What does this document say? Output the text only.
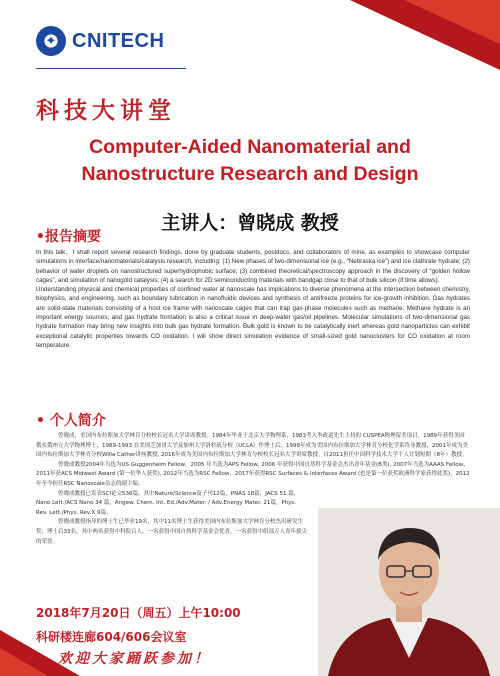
✦ CNITECH
科技大讲堂
Computer-Aided Nanomaterial and Nanostructure Research and Design
主讲人：曾晓成 教授
•报告摘要

In this talk，I shall report several research findings, done by graduate students, postdocs, and collaborators of mine, as examples to showcase computer simulations in interface/nanomaterials/catalysis research, including: (1) New phases of two-dimensional ice (e.g., “Nebraska ice”) and ice clathrate hydrate; (2) behavior of water droplets on nanostructured superhydrophobic surface; (3) combined theoretical/spectroscopy approach in the discovery of “golden hollow cages”, and simulation of nanogold catalysis; (4) a search for 2D semiconducting materials with bandgap close to that of bulk silicon (if time allows).

Understanding physical and chemical properties of confined water at nanoscale has implications to diverse phenomena at the intersection between chemistry, biophysics, and engineering, such as boundary lubrication in nanofluidic devices and synthesis of antifreeze proteins for ice-growth inhibition. Gas hydrates are solid-state materials consisting of a host ice frame with nanoscale cages that can trap gas-phase molecules such as methane. Methane hydrate is an important energy sources; and gas hydrate formation is also a critical issue in deep-water gas/oil pipelines. Molecular simulations of two-dimensional gas hydrate formation may bring new insights into bulk gas hydrate formation. Bulk gold is known to be catalytically inert whereas gold nanoparticles can exhibit exceptional catalytic properties towards CO oxidation. I will show direct simulation evidence of small-sized gold nanoclusters for CO oxidation at room temperature.

• 个人简介

曾晓成，美国内布拉斯加大学林肯分校校长冠名大学讲席教授。1984年毕业于北京大学物理系，1983考入李政道先生主持的 CUSPEA物理留美项目，1989年获得美国俄亥俄州立大学物理博士，1989-1993 在美国芝加哥大学及加州大学洛杉矶分校（UCLA）作博士后。1998年成为美国内布拉斯加大学林肯分校化学系终身教授，2001年成为美国内布拉斯加大学林肯分校Willa Cather讲座教授, 2016年成为美国内布拉斯加大学林肯分校校长冠名大学讲席教授。自2011担任中国科学技术大学千人计划短期（8年）教授。

曾晓成教授2004年当选为US Guggenheim Fellow，2005 年当选为APS Fellow, 2006 年获得中国自然科学基金会杰出青年基金(B类), 2007年当选为AAAS Fellow，2011年获ACS Midwest Award (第一位华人获奖), 2012年当选为RSC Fellow，2017年获得RSC Surfaces & Interfaces Award (也是第一位获奖欧洲科学家获得此奖)。2012年至今担任RSC Nanoscale杂志的副主编。

曾晓成教授已发表SCI论文536篇，其中Nature/Science及子刊12篇，PNAS 18篇，JACS 51 篇，Nano Lett./ACS Nano 34 篇，Angew. Chem. Int. Ed./Adv.Mater. / Adv.Energy Mater. 21篇，Phys. Rev. Lett./Phys. Rev.X 9篇。

曾晓成教授指导的博士生已毕业19名，其中11名博士生获得美国内布拉斯加大学林肯分校杰出研究生奖；博士后33名，其中两名获得中科院百人，一名获得中国自然科学基金会优青，一名获得中组部万人青年拔尖的荣誉。

2018年7月20日（周五）上午10:00
科研楼连廊604/606会议室
欢迎大家踊跃参加！
